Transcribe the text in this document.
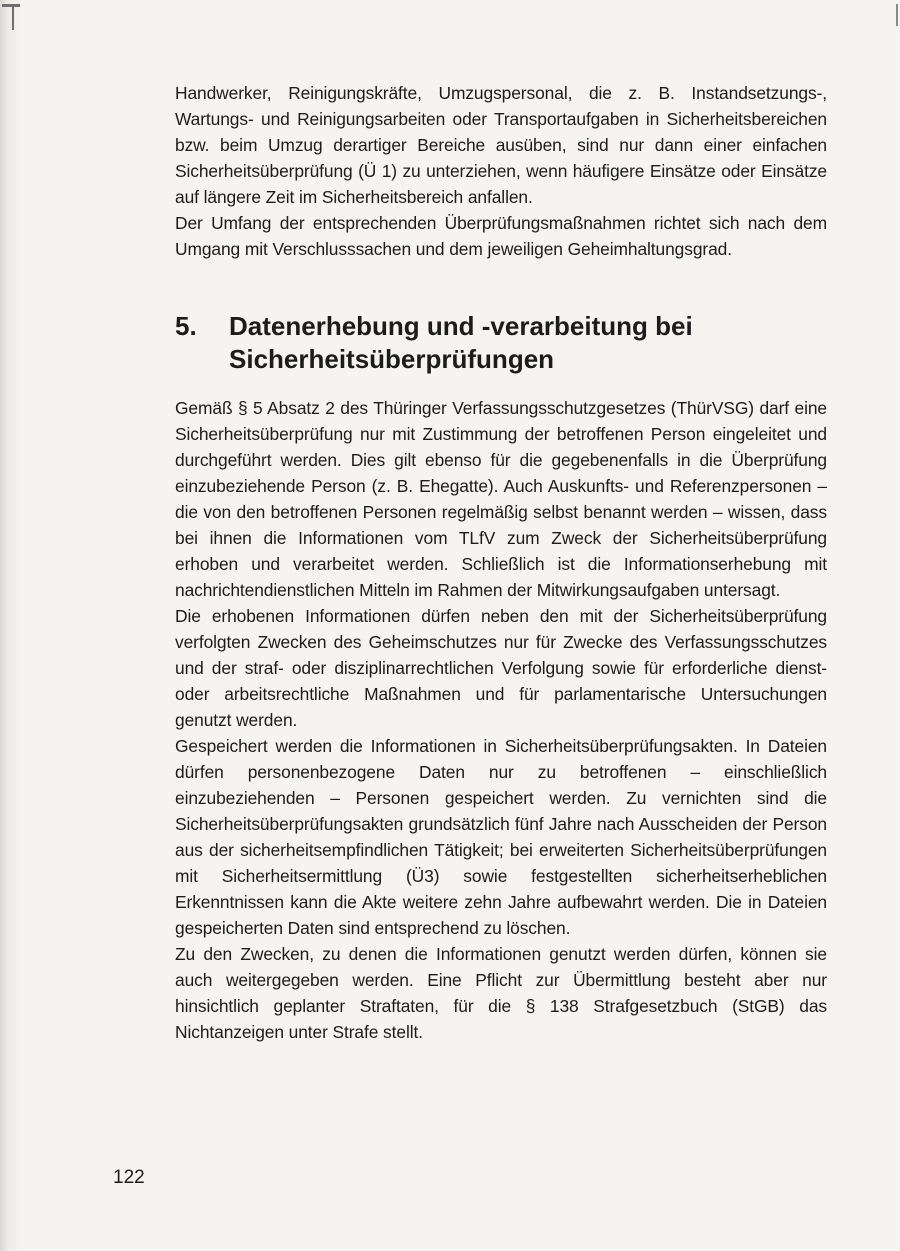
Handwerker, Reinigungskräfte, Umzugspersonal, die z. B. Instandsetzungs-, Wartungs- und Reinigungsarbeiten oder Transportaufgaben in Sicherheitsbereichen bzw. beim Umzug derartiger Bereiche ausüben, sind nur dann einer einfachen Sicherheitsüberprüfung (Ü 1) zu unterziehen, wenn häufigere Einsätze oder Einsätze auf längere Zeit im Sicherheitsbereich anfallen.

Der Umfang der entsprechenden Überprüfungsmaßnahmen richtet sich nach dem Umgang mit Verschlusssachen und dem jeweiligen Geheimhaltungsgrad.

5.	Datenerhebung und -verarbeitung bei Sicherheitsüberprüfungen

Gemäß § 5 Absatz 2 des Thüringer Verfassungsschutzgesetzes (ThürVSG) darf eine Sicherheitsüberprüfung nur mit Zustimmung der betroffenen Person eingeleitet und durchgeführt werden. Dies gilt ebenso für die gegebenenfalls in die Überprüfung einzubeziehende Person (z. B. Ehegatte). Auch Auskunfts- und Referenzpersonen – die von den betroffenen Personen regelmäßig selbst benannt werden – wissen, dass bei ihnen die Informationen vom TLfV zum Zweck der Sicherheitsüberprüfung erhoben und verarbeitet werden. Schließlich ist die Informationserhebung mit nachrichtendienstlichen Mitteln im Rahmen der Mitwirkungsaufgaben untersagt.

Die erhobenen Informationen dürfen neben den mit der Sicherheitsüberprüfung verfolgten Zwecken des Geheimschutzes nur für Zwecke des Verfassungsschutzes und der straf- oder disziplinarrechtlichen Verfolgung sowie für erforderliche dienst- oder arbeitsrechtliche Maßnahmen und für parlamentarische Untersuchungen genutzt werden.

Gespeichert werden die Informationen in Sicherheitsüberprüfungsakten. In Dateien dürfen personenbezogene Daten nur zu betroffenen – einschließlich einzubeziehenden – Personen gespeichert werden. Zu vernichten sind die Sicherheitsüberprüfungsakten grundsätzlich fünf Jahre nach Ausscheiden der Person aus der sicherheitsempfindlichen Tätigkeit; bei erweiterten Sicherheitsüberprüfungen mit Sicherheitsermittlung (Ü3) sowie festgestellten sicherheitserheblichen Erkenntnissen kann die Akte weitere zehn Jahre aufbewahrt werden. Die in Dateien gespeicherten Daten sind entsprechend zu löschen.

Zu den Zwecken, zu denen die Informationen genutzt werden dürfen, können sie auch weitergegeben werden. Eine Pflicht zur Übermittlung besteht aber nur hinsichtlich geplanter Straftaten, für die § 138 Strafgesetzbuch (StGB) das Nichtanzeigen unter Strafe stellt.

122
